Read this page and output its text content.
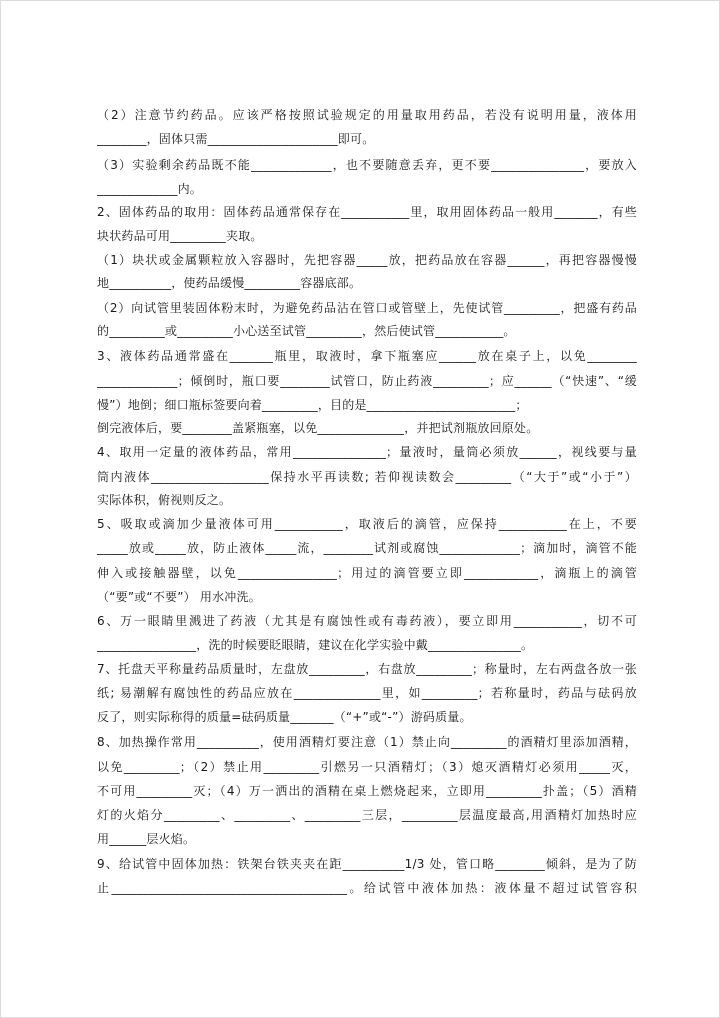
（2）注意节约药品。应该严格按照试验规定的用量取用药品，若没有说明用量，液体用
________，固体只需_____________________即可。
（3）实验剩余药品既不能_____________，也不要随意丢弃，更不要_______________，要放入
_____________内。
2、固体药品的取用：固体药品通常保存在___________里，取用固体药品一般用_______，有些
块状药品可用_________夹取。
（1）块状或金属颗粒放入容器时，先把容器_____放，把药品放在容器______，再把容器慢慢
地__________，使药品缓慢_________容器底部。
（2）向试管里装固体粉末时，为避免药品沾在管口或管壁上，先使试管_________，把盛有药品
的_________或_________小心送至试管_________，然后使试管___________。
3、液体药品通常盛在_______瓶里，取液时，拿下瓶塞应______放在桌子上，以免________
_____________；倾倒时，瓶口要________试管口，防止药液_________；应______（“快速”、“缓
慢”）地倒；细口瓶标签要向着_________，目的是________________________；
倒完液体后，要________盖紧瓶塞，以免______________，并把试剂瓶放回原处。
4、取用一定量的液体药品，常用_______________；量液时，量筒必须放______，视线要与量
筒内液体___________________保持水平再读数; 若仰视读数会_________（“大于”或“小于”）
实际体积，俯视则反之。
5、吸取或滴加少量液体可用___________，取液后的滴管，应保持___________在上，不要
_____放或_____放，防止液体_____流，________试剂或腐蚀_____________；滴加时，滴管不能
伸入或接触器壁，以免________________；用过的滴管要立即____________，滴瓶上的滴管
（“要”或“不要”） 用水冲洗。
6、万一眼睛里溅进了药液（尤其是有腐蚀性或有毒药液），要立即用___________，切不可
________________，洗的时候要眨眼睛，建议在化学实验中戴_______________。
7、托盘天平称量药品质量时，左盘放_________，右盘放_________；称量时，左右两盘各放一张
纸; 易潮解有腐蚀性的药品应放在______________里，如_________；若称量时，药品与砝码放
反了，则实际称得的质量=砝码质量_______（“+”或“-”）游码质量。
8、加热操作常用__________，使用酒精灯要注意（1）禁止向_________的酒精灯里添加酒精，
以免_________；（2）禁止用_________引燃另一只酒精灯；（3）熄灭酒精灯必须用_____灭，
不可用_________灭；（4）万一洒出的酒精在桌上燃烧起来，立即用_________扑盖；（5）酒精
灯的火焰分_________、_________、_________三层，_________层温度最高,用酒精灯加热时应
用______层火焰。
9、给试管中固体加热：铁架台铁夹夹在距__________1/3 处，管口略________倾斜，是为了防
止______________________________________。给试管中液体加热：液体量不超过试管容积
